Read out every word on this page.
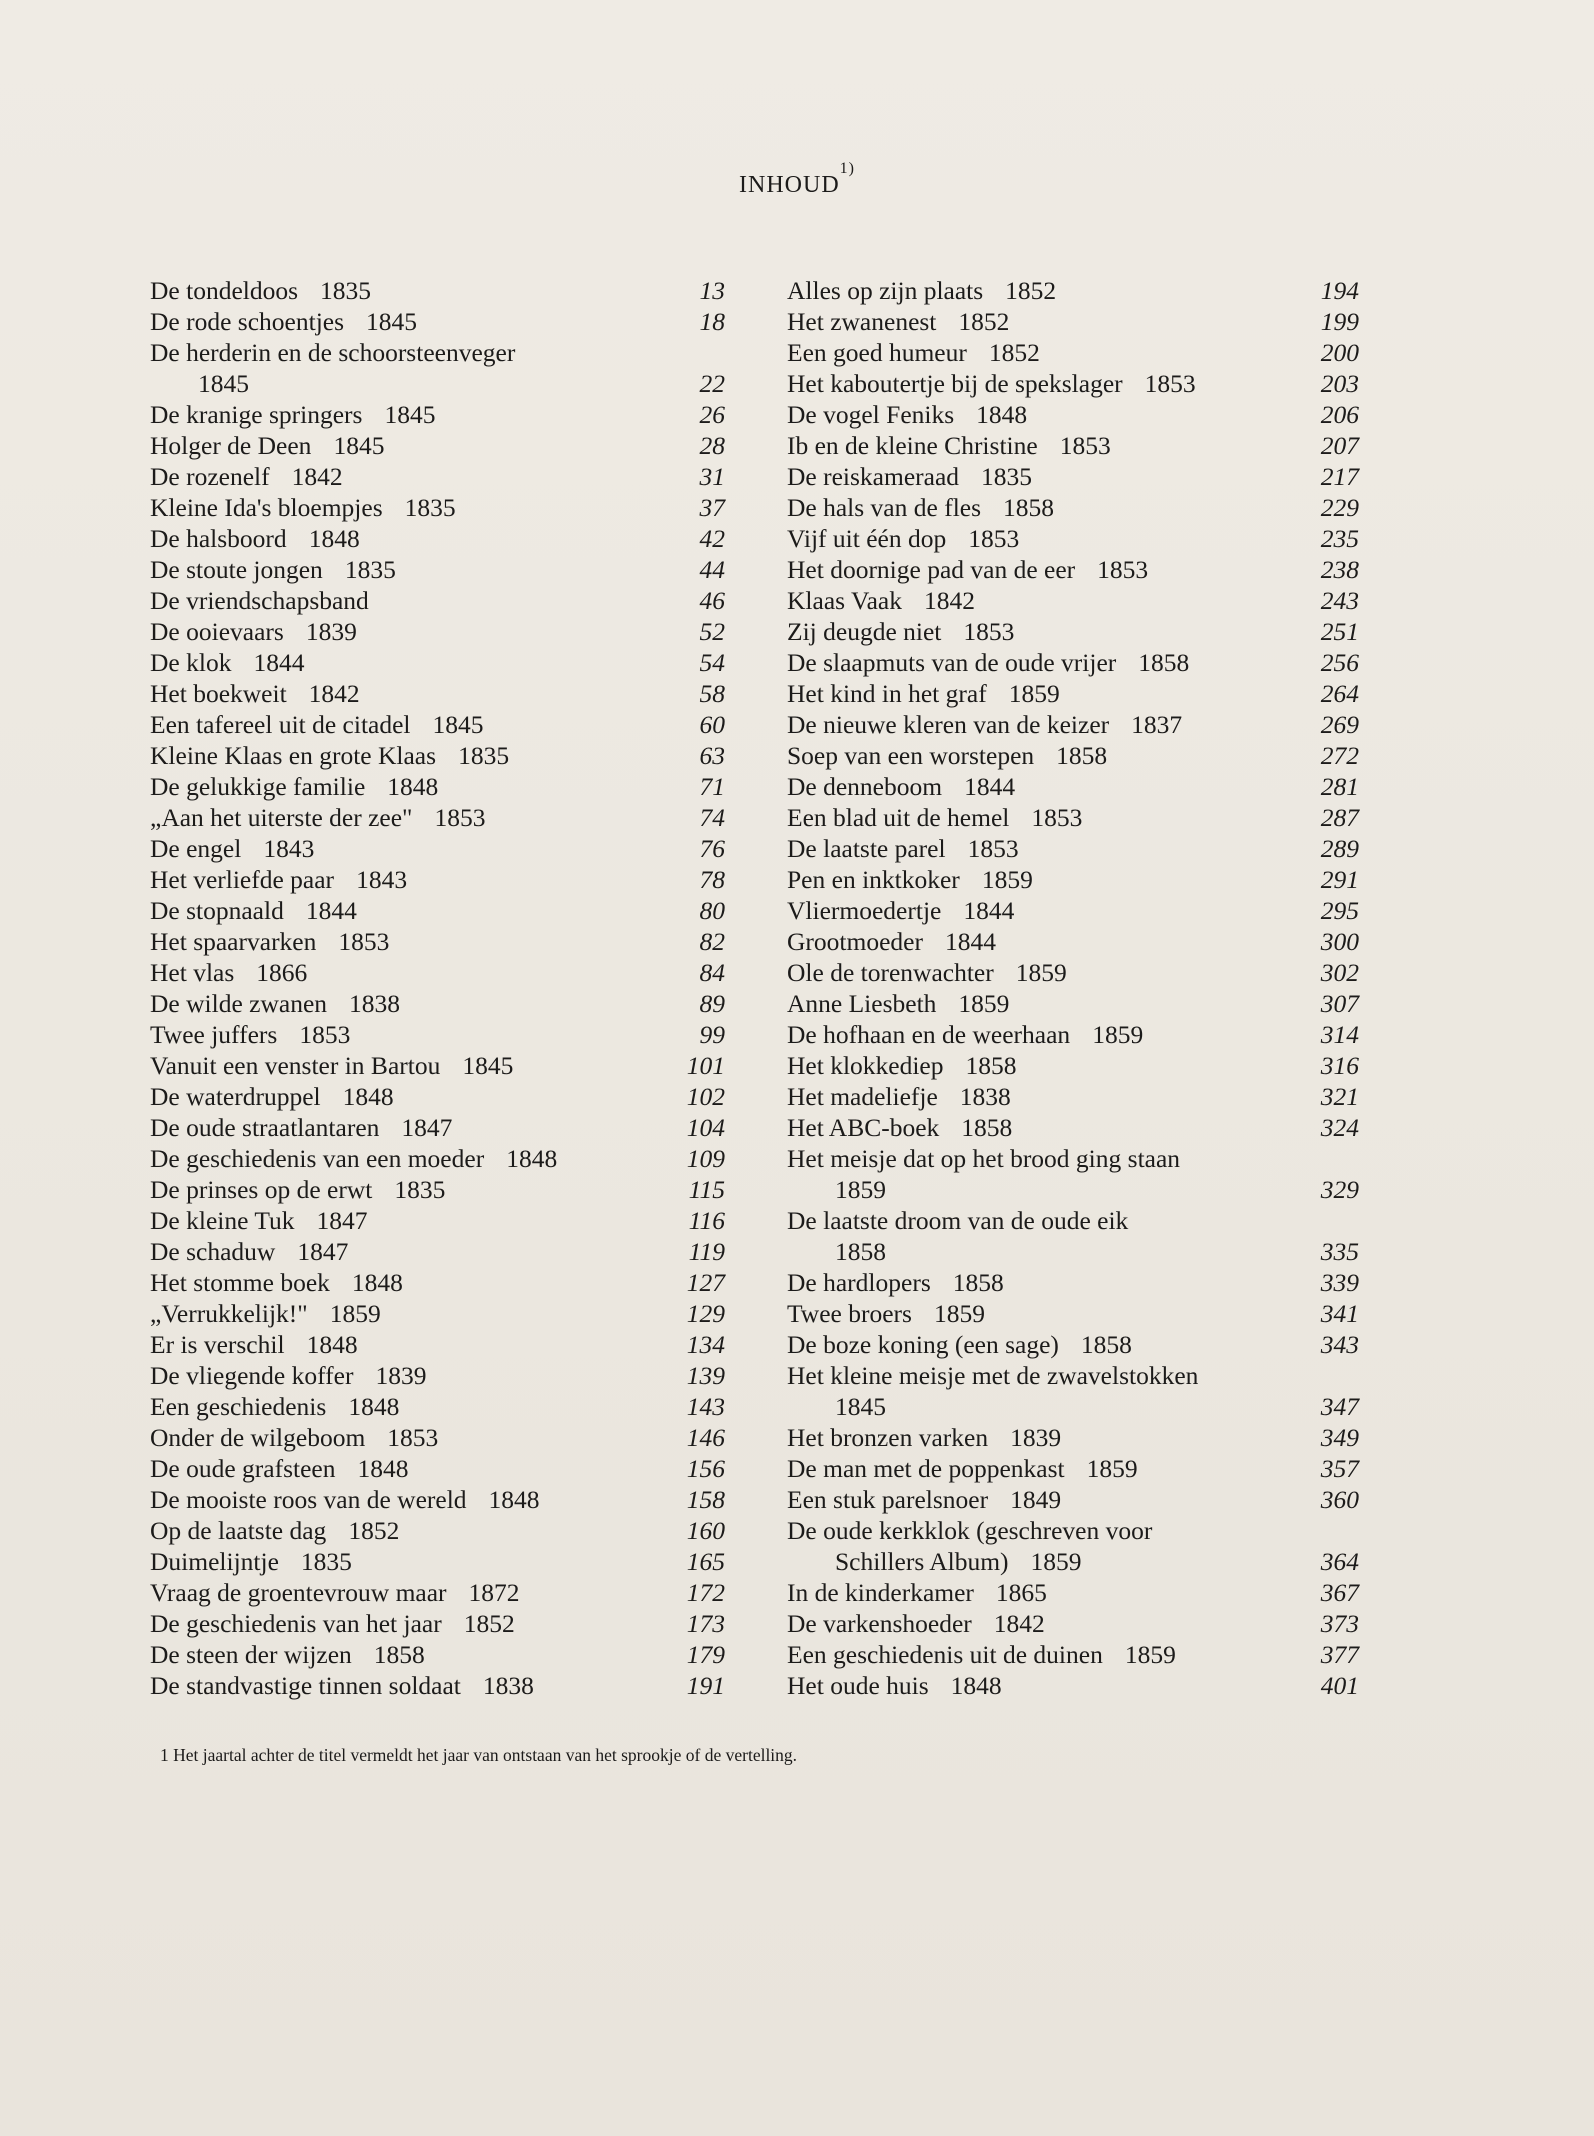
INHOUD$^{1)}$
De tondeldoos 1835	13
De rode schoentjes 1845	18
De herderin en de schoorsteenveger
1845	22
De kranige springers 1845	26
Holger de Deen 1845	28
De rozenelf 1842	31
Kleine Ida's bloempjes 1835	37
De halsboord 1848	42
De stoute jongen 1835	44
De vriendschapsband	46
De ooievaars 1839	52
De klok 1844	54
Het boekweit 1842	58
Een tafereel uit de citadel 1845	60
Kleine Klaas en grote Klaas 1835	63
De gelukkige familie 1848	71
„Aan het uiterste der zee" 1853	74
De engel 1843	76
Het verliefde paar 1843	78
De stopnaald 1844	80
Het spaarvarken 1853	82
Het vlas 1866	84
De wilde zwanen 1838	89
Twee juffers 1853	99
Vanuit een venster in Bartou 1845	101
De waterdruppel 1848	102
De oude straatlantaren 1847	104
De geschiedenis van een moeder 1848	109
De prinses op de erwt 1835	115
De kleine Tuk 1847	116
De schaduw 1847	119
Het stomme boek 1848	127
„Verrukkelijk!" 1859	129
Er is verschil 1848	134
De vliegende koffer 1839	139
Een geschiedenis 1848	143
Onder de wilgeboom 1853	146
De oude grafsteen 1848	156
De mooiste roos van de wereld 1848	158
Op de laatste dag 1852	160
Duimelijntje 1835	165
Vraag de groentevrouw maar 1872	172
De geschiedenis van het jaar 1852	173
De steen der wijzen 1858	179
De standvastige tinnen soldaat 1838	191
Alles op zijn plaats 1852	194
Het zwanenest 1852	199
Een goed humeur 1852	200
Het kaboutertje bij de spekslager 1853	203
De vogel Feniks 1848	206
Ib en de kleine Christine 1853	207
De reiskameraad 1835	217
De hals van de fles 1858	229
Vijf uit één dop 1853	235
Het doornige pad van de eer 1853	238
Klaas Vaak 1842	243
Zij deugde niet 1853	251
De slaapmuts van de oude vrijer 1858	256
Het kind in het graf 1859	264
De nieuwe kleren van de keizer 1837	269
Soep van een worstepen 1858	272
De denneboom 1844	281
Een blad uit de hemel 1853	287
De laatste parel 1853	289
Pen en inktkoker 1859	291
Vliermoedertje 1844	295
Grootmoeder 1844	300
Ole de torenwachter 1859	302
Anne Liesbeth 1859	307
De hofhaan en de weerhaan 1859	314
Het klokkediep 1858	316
Het madeliefje 1838	321
Het ABC-boek 1858	324
Het meisje dat op het brood ging staan
1859	329
De laatste droom van de oude eik
1858	335
De hardlopers 1858	339
Twee broers 1859	341
De boze koning (een sage) 1858	343
Het kleine meisje met de zwavelstokken
1845	347
Het bronzen varken 1839	349
De man met de poppenkast 1859	357
Een stuk parelsnoer 1849	360
De oude kerkklok (geschreven voor
Schillers Album) 1859	364
In de kinderkamer 1865	367
De varkenshoeder 1842	373
Een geschiedenis uit de duinen 1859	377
Het oude huis 1848	401
1 Het jaartal achter de titel vermeldt het jaar van ontstaan van het sprookje of de vertelling.
